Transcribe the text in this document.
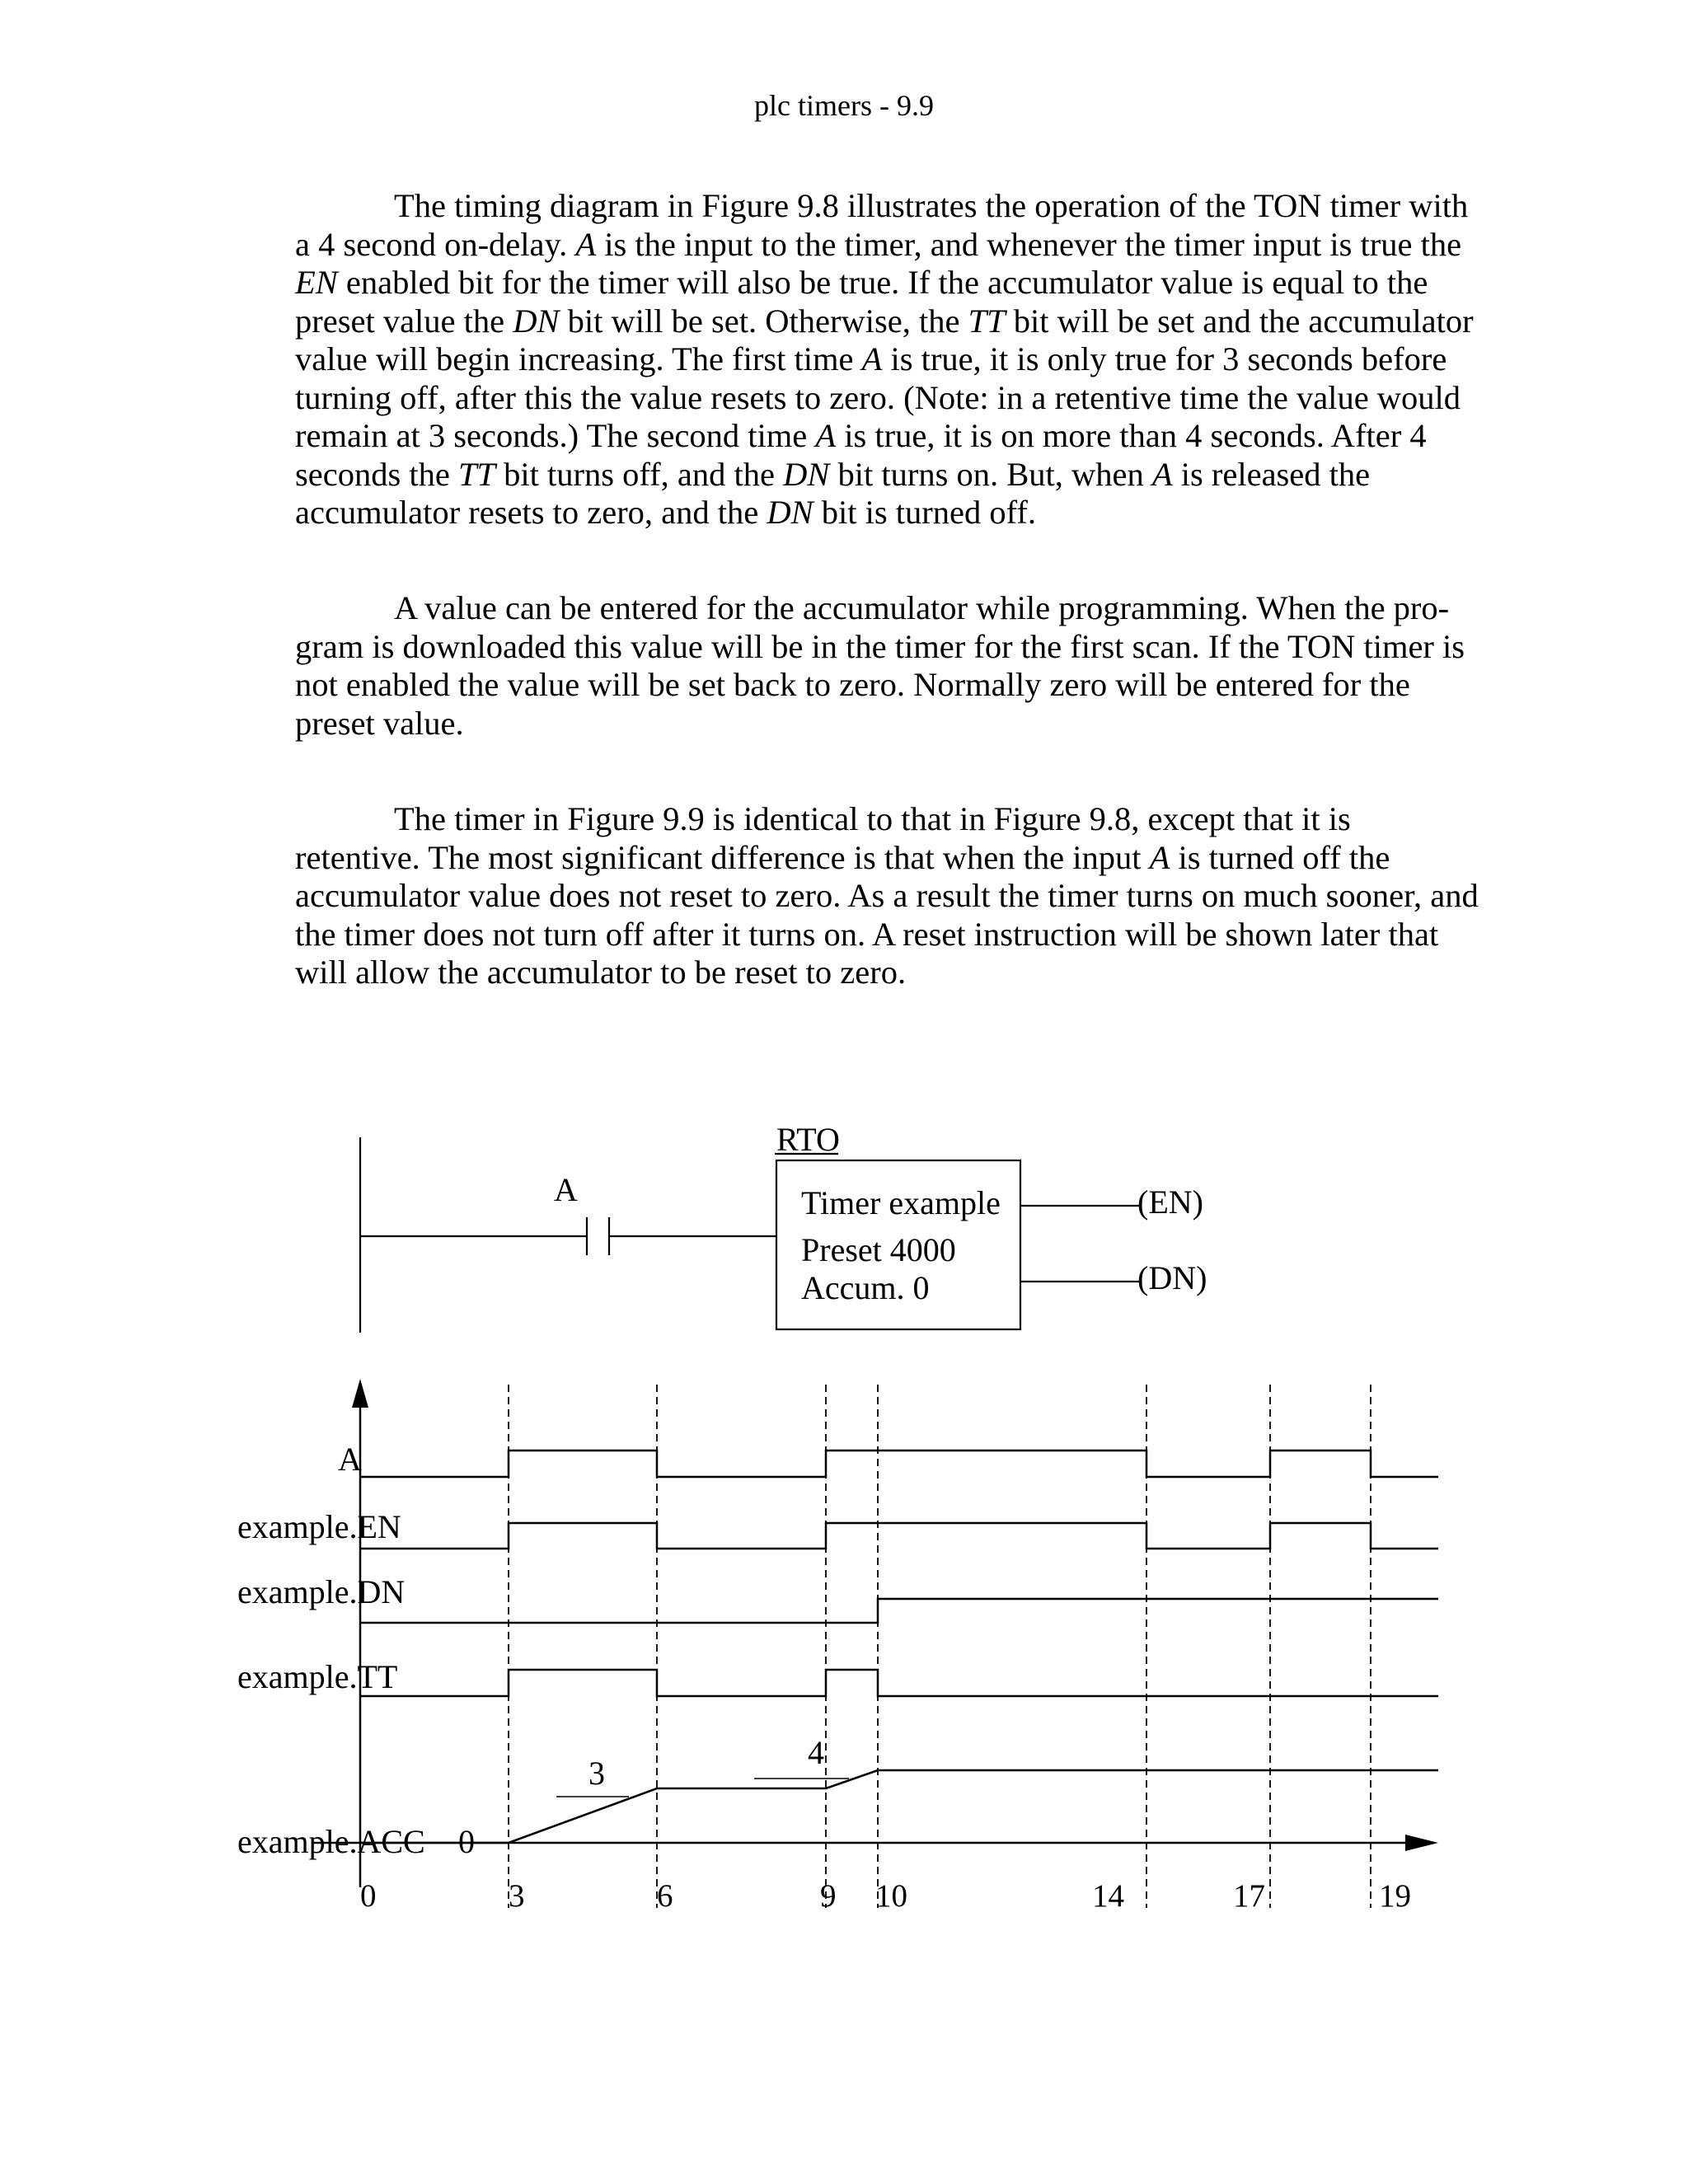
plc timers - 9.9

The timing diagram in Figure 9.8 illustrates the operation of the TON timer with a 4 second on-delay. A is the input to the timer, and whenever the timer input is true the EN enabled bit for the timer will also be true. If the accumulator value is equal to the preset value the DN bit will be set. Otherwise, the TT bit will be set and the accumulator value will begin increasing. The first time A is true, it is only true for 3 seconds before turning off, after this the value resets to zero. (Note: in a retentive time the value would remain at 3 seconds.) The second time A is true, it is on more than 4 seconds. After 4 seconds the TT bit turns off, and the DN bit turns on. But, when A is released the accumulator resets to zero, and the DN bit is turned off.

A value can be entered for the accumulator while programming. When the pro-gram is downloaded this value will be in the timer for the first scan. If the TON timer is not enabled the value will be set back to zero. Normally zero will be entered for the preset value.

The timer in Figure 9.9 is identical to that in Figure 9.8, except that it is retentive. The most significant difference is that when the input A is turned off the accumulator value does not reset to zero. As a result the timer turns on much sooner, and the timer does not turn off after it turns on. A reset instruction will be shown later that will allow the accumulator to be reset to zero.

A
RTO
Timer example
Preset 4000
Accum. 0
(EN)
(DN)
3
4
A
example.EN
example.DN
example.TT
example.ACC 0
0	3	6	9 10	14	17	19
